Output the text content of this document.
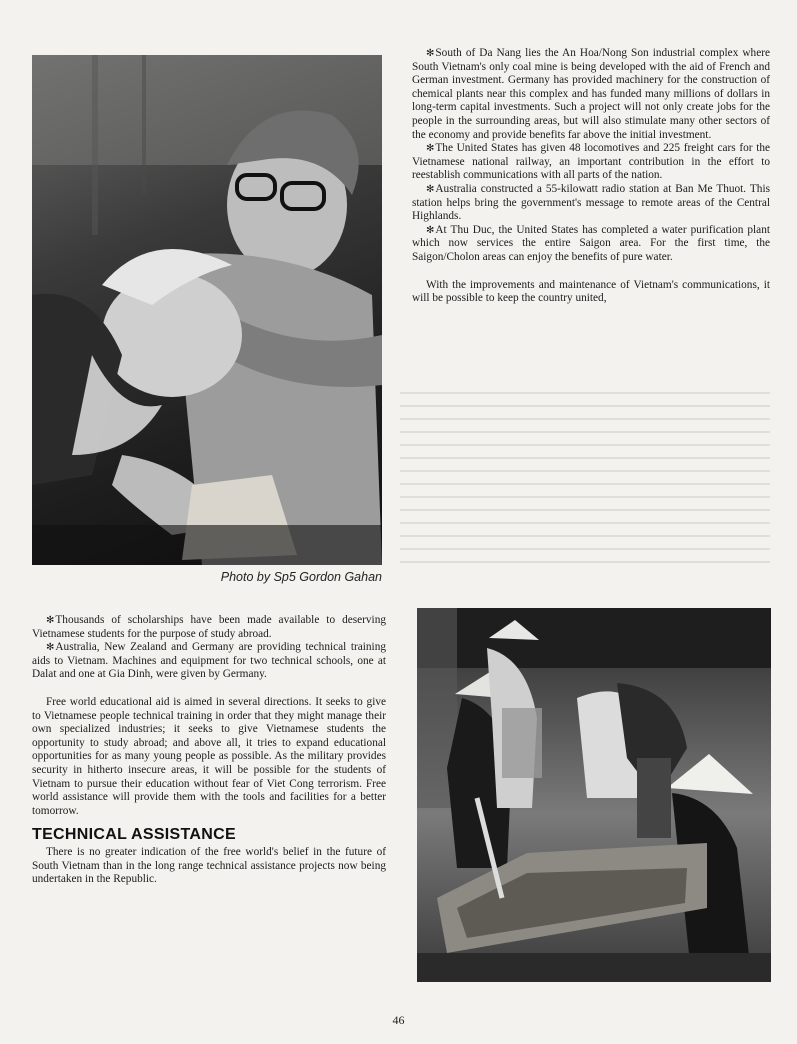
Photo by Sp5 Gordon Gahan

✻South of Da Nang lies the An Hoa/Nong Son industrial complex where South Vietnam's only coal mine is being developed with the aid of French and German investment. Germany has provided machinery for the construction of chemical plants near this complex and has funded many millions of dollars in long-term capital investments. Such a project will not only create jobs for the people in the surrounding areas, but will also stimulate many other sectors of the economy and provide benefits far above the initial investment.

✻The United States has given 48 locomotives and 225 freight cars for the Vietnamese national railway, an important contribution in the effort to reestablish communications with all parts of the nation.

✻Australia constructed a 55-kilowatt radio station at Ban Me Thuot. This station helps bring the government's message to remote areas of the Central Highlands.

✻At Thu Duc, the United States has completed a water purification plant which now services the entire Saigon area. For the first time, the Saigon/Cholon areas can enjoy the benefits of pure water.

With the improvements and maintenance of Vietnam's communications, it will be possible to keep the country united,

✻Thousands of scholarships have been made available to deserving Vietnamese students for the purpose of study abroad.

✻Australia, New Zealand and Germany are providing technical training aids to Vietnam. Machines and equipment for two technical schools, one at Dalat and one at Gia Dinh, were given by Germany.

Free world educational aid is aimed in several directions. It seeks to give to Vietnamese people technical training in order that they might manage their own specialized industries; it seeks to give Vietnamese students the opportunity to study abroad; and above all, it tries to expand educational opportunities for as many young people as possible. As the military provides security in hitherto insecure areas, it will be possible for the students of Vietnam to pursue their education without fear of Viet Cong terrorism. Free world assistance will provide them with the tools and facilities for a better tomorrow.

TECHNICAL ASSISTANCE

There is no greater indication of the free world's belief in the future of South Vietnam than in the long range technical assistance projects now being undertaken in the Republic.

46
